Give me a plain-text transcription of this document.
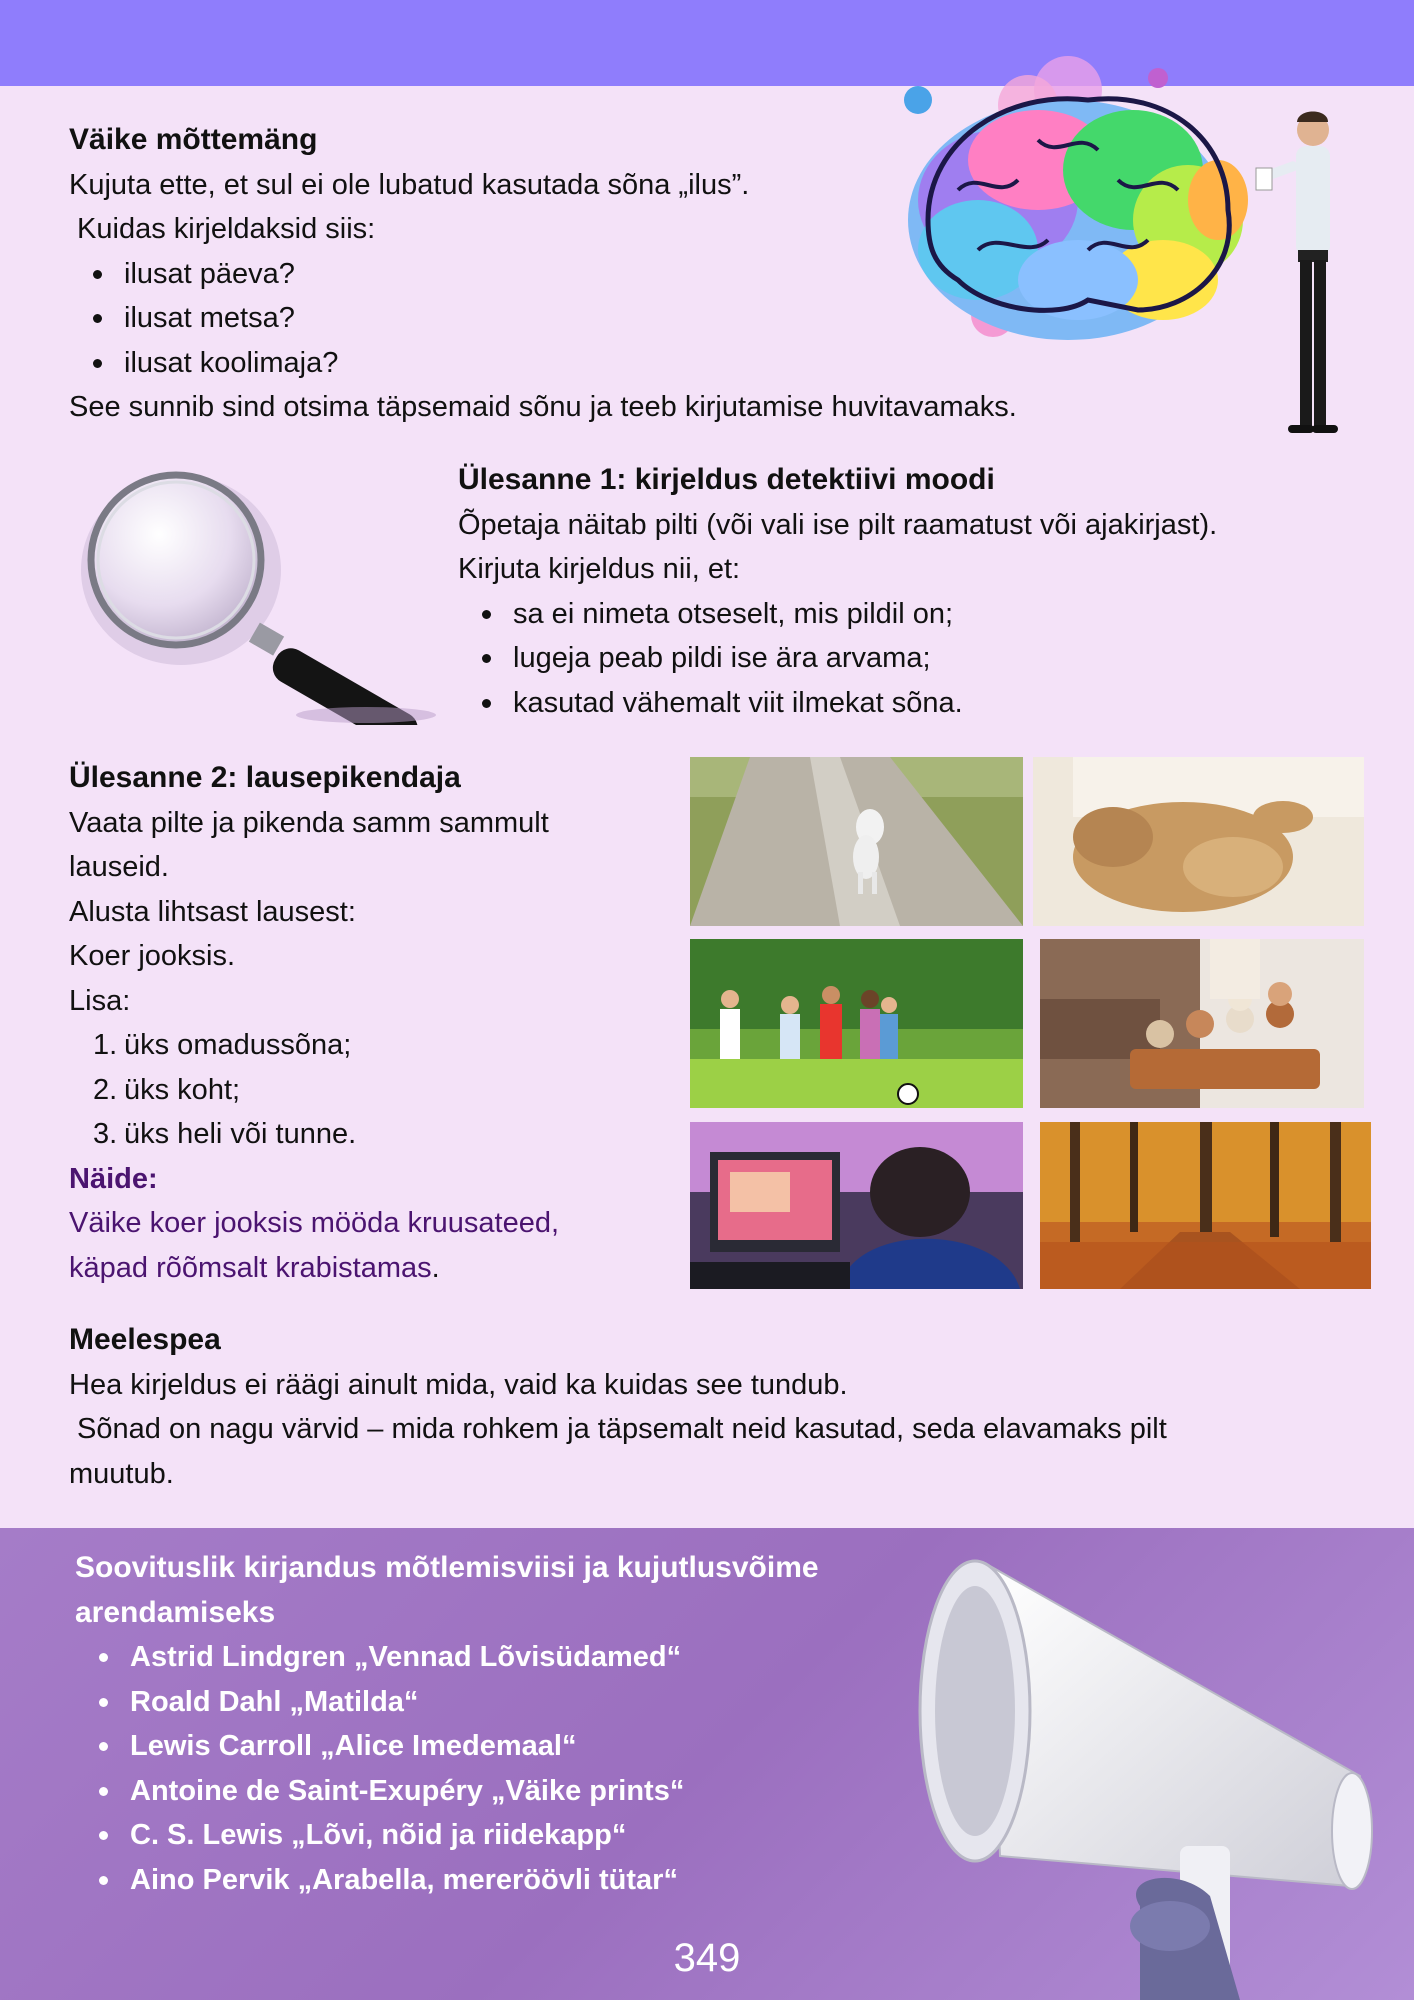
Väike mõttemäng

Kujuta ette, et sul ei ole lubatud kasutada sõna „ilus”.

Kuidas kirjeldaksid siis:

ilusat päeva?
ilusat metsa?
ilusat koolimaja?

See sunnib sind otsima täpsemaid sõnu ja teeb kirjutamise huvitavamaks.

Ülesanne 1: kirjeldus detektiivi moodi

Õpetaja näitab pilti (või vali ise pilt raamatust või ajakirjast).

Kirjuta kirjeldus nii, et:

sa ei nimeta otseselt, mis pildil on;
lugeja peab pildi ise ära arvama;
kasutad vähemalt viit ilmekat sõna.
Ülesanne 2: lausepikendaja

Vaata pilte ja pikenda samm sammult

lauseid.

Alusta lihtsast lausest:

Koer jooksis.

Lisa:

1. üks omadussõna;
2. üks koht;
3. üks heli või tunne.

Näide:

Väike koer jooksis mööda kruusateed,

käpad rõõmsalt krabistamas.

Meelespea

Hea kirjeldus ei räägi ainult mida, vaid ka kuidas see tundub.

Sõnad on nagu värvid – mida rohkem ja täpsemalt neid kasutad, seda elavamaks pilt

muutub.

Soovituslik kirjandus mõtlemisviisi ja kujutlusvõime

arendamiseks

Astrid Lindgren „Vennad Lõvisüdamed“
Roald Dahl „Matilda“
Lewis Carroll „Alice Imedemaal“
Antoine de Saint-Exupéry „Väike prints“
C. S. Lewis „Lõvi, nõid ja riidekapp“
Aino Pervik „Arabella, mereröövli tütar“
349
